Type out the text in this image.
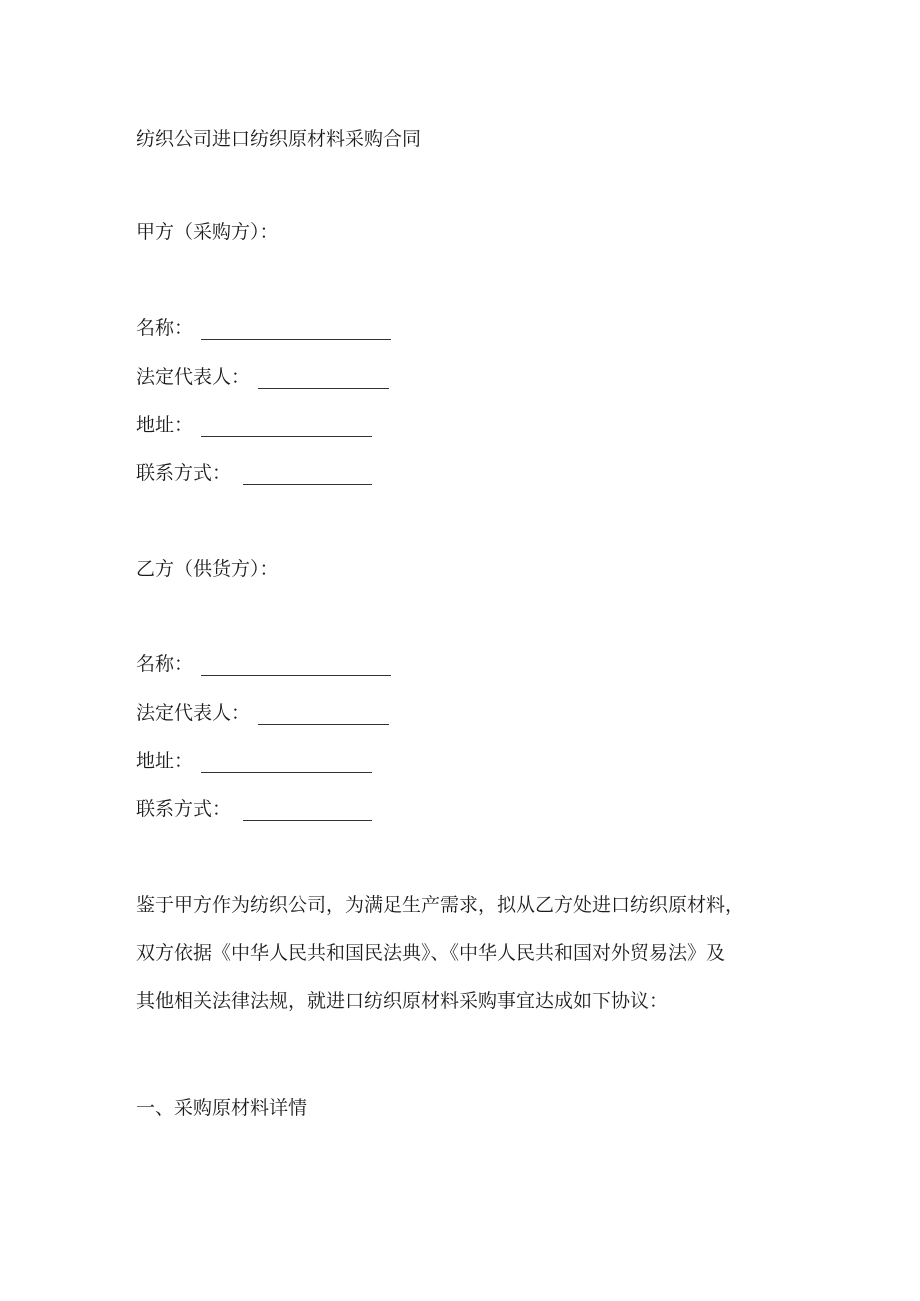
纺织公司进口纺织原材料采购合同
甲方（采购方）：
名称：
法定代表人：
地址：
联系方式：
乙方（供货方）：
名称：
法定代表人：
地址：
联系方式：
鉴于甲方作为纺织公司，为满足生产需求，拟从乙方处进口纺织原材料，
双方依据《中华人民共和国民法典》、《中华人民共和国对外贸易法》及
其他相关法律法规，就进口纺织原材料采购事宜达成如下协议：
一、采购原材料详情
